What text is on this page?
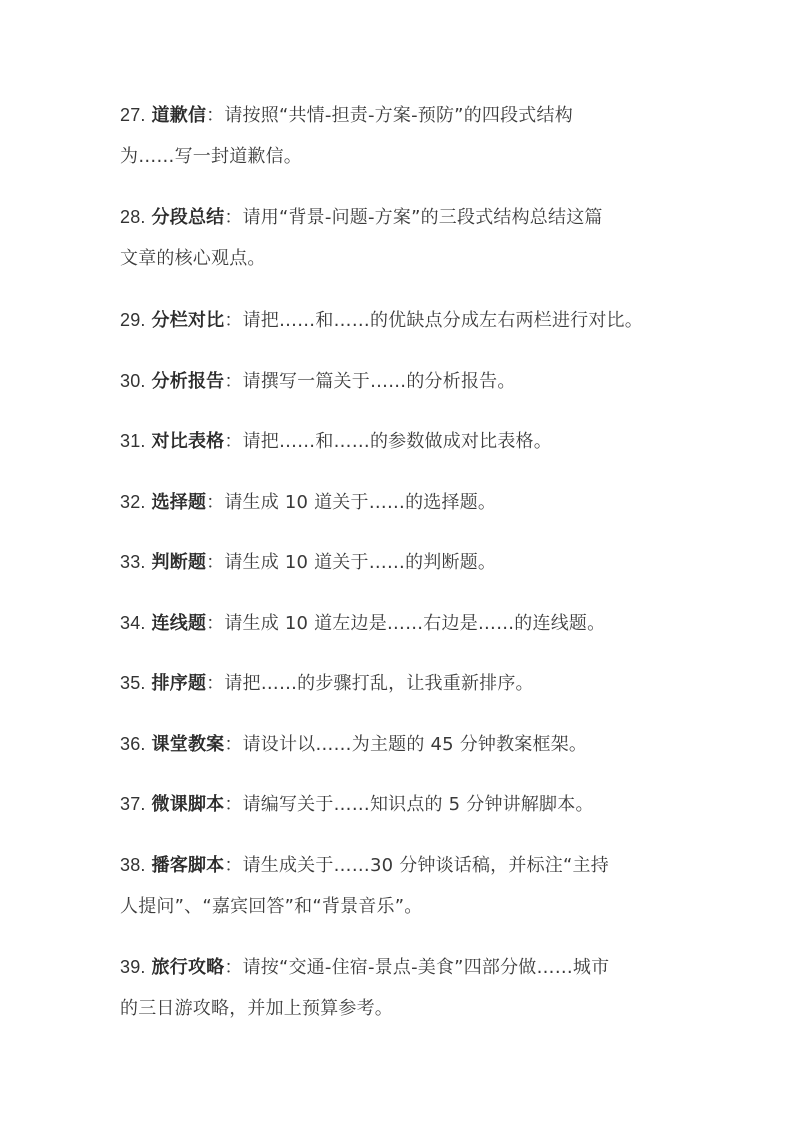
27. 道歉信：请按照“共情-担责-方案-预防”的四段式结构
为……写一封道歉信。
28. 分段总结：请用“背景-问题-方案”的三段式结构总结这篇
文章的核心观点。
29. 分栏对比：请把……和……的优缺点分成左右两栏进行对比。
30. 分析报告：请撰写一篇关于……的分析报告。
31. 对比表格：请把……和……的参数做成对比表格。
32. 选择题：请生成 10 道关于……的选择题。
33. 判断题：请生成 10 道关于……的判断题。
34. 连线题：请生成 10 道左边是……右边是……的连线题。
35. 排序题：请把……的步骤打乱，让我重新排序。
36. 课堂教案：请设计以……为主题的 45 分钟教案框架。
37. 微课脚本：请编写关于……知识点的 5 分钟讲解脚本。
38. 播客脚本：请生成关于……30 分钟谈话稿，并标注“主持
人提问”、“嘉宾回答”和“背景音乐”。
39. 旅行攻略：请按“交通-住宿-景点-美食”四部分做……城市
的三日游攻略，并加上预算参考。
